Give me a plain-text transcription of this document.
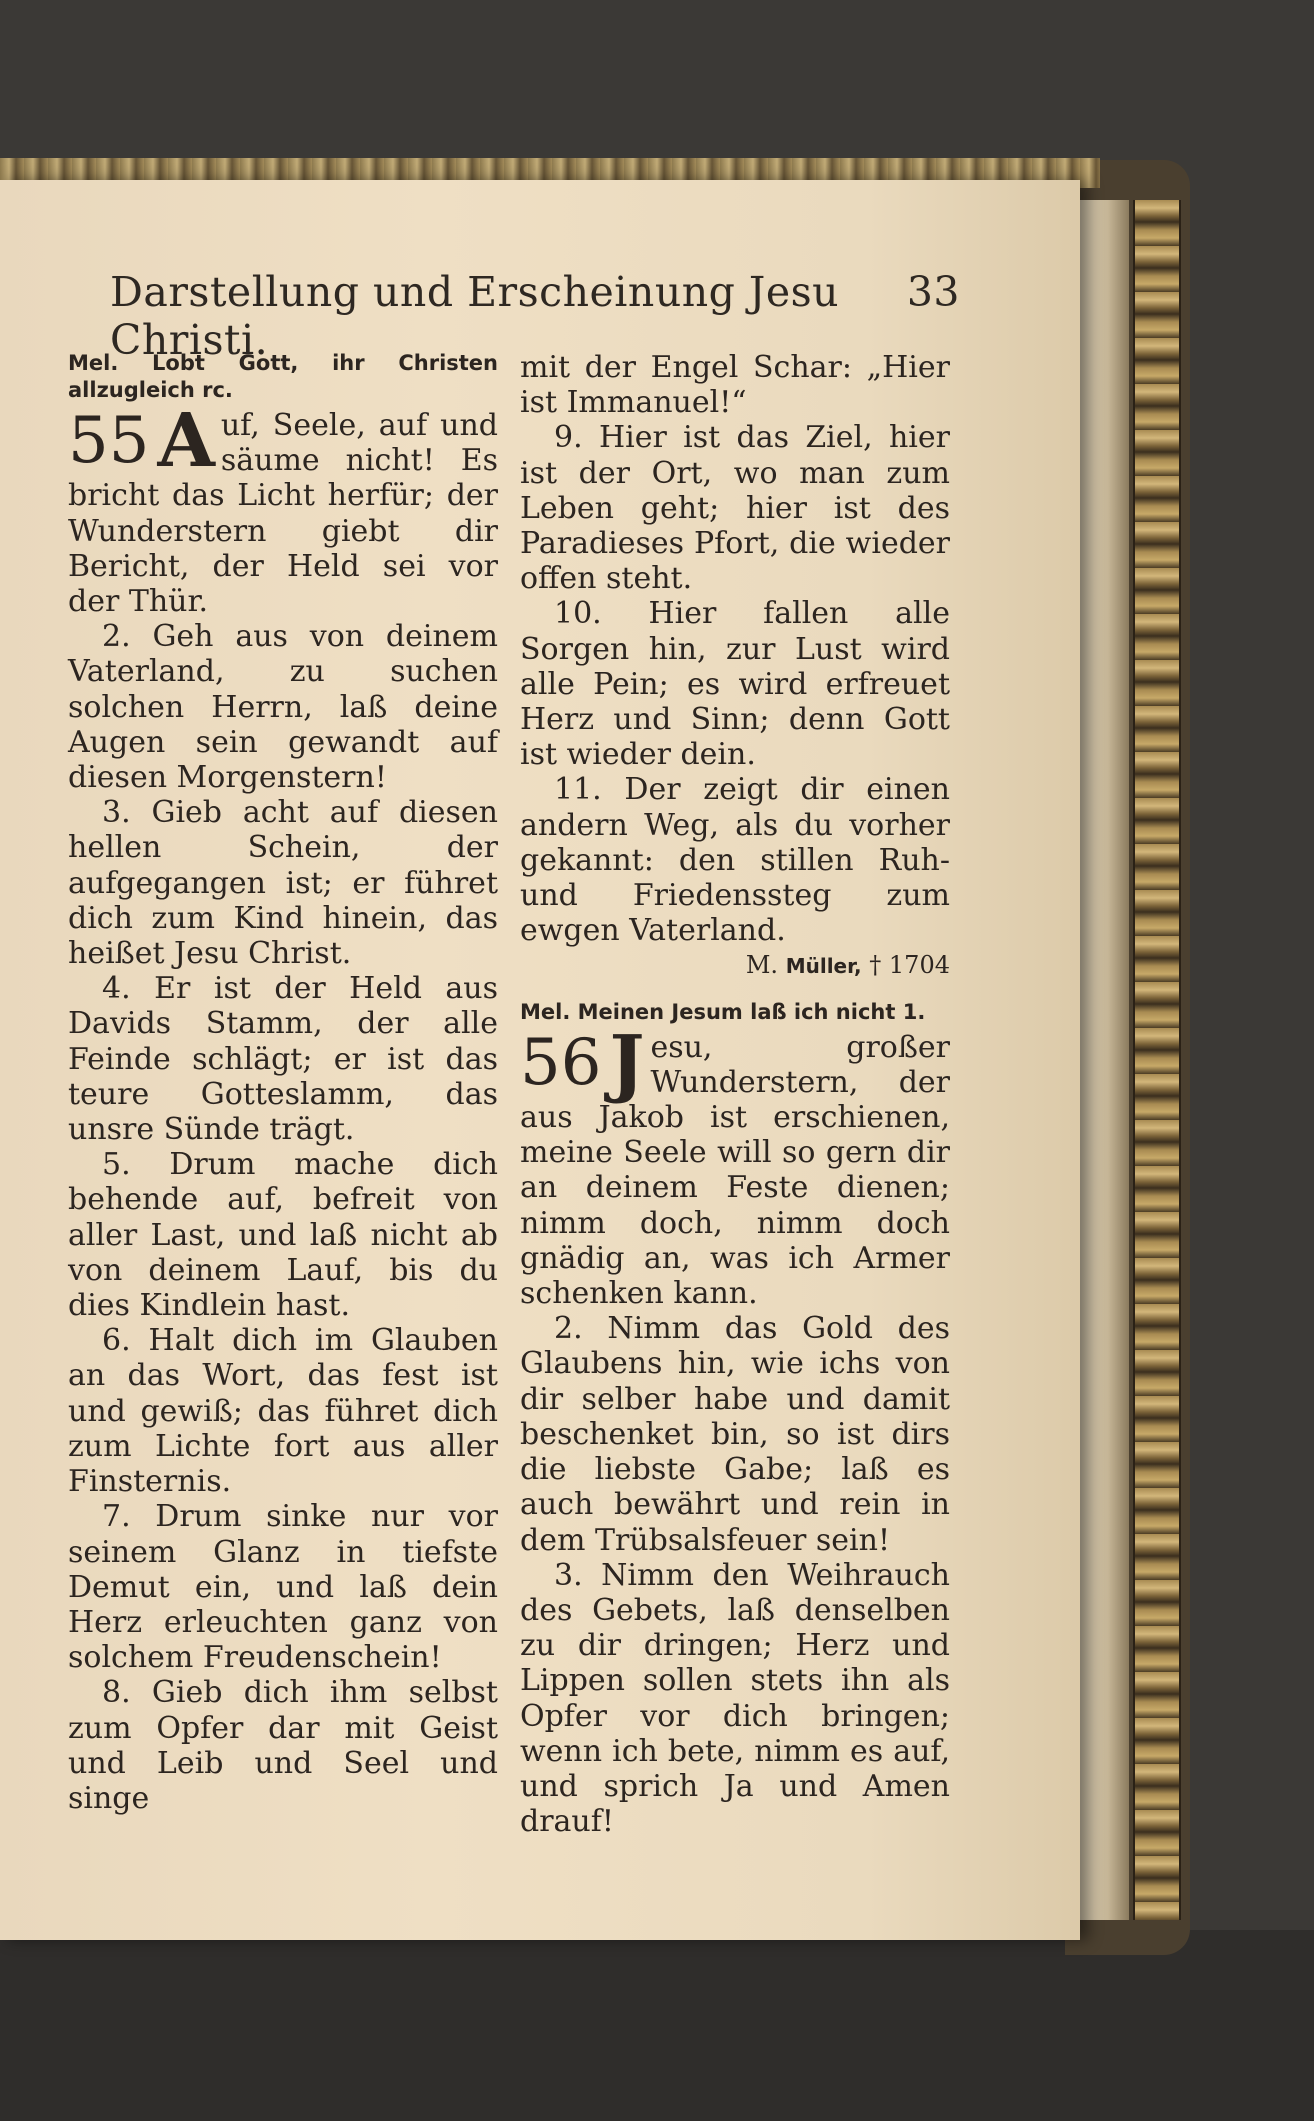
Darstellung und Erscheinung Jesu Christi.
33
Mel. Lobt Gott, ihr Christen allzugleich rc.
55 A uf, Seele, auf und säume nicht! Es bricht das Licht herfür; der Wunderstern giebt dir Bericht, der Held sei vor der Thür.

2. Geh aus von deinem Vaterland, zu suchen solchen Herrn, laß deine Augen sein gewandt auf diesen Morgenstern!

3. Gieb acht auf diesen hellen Schein, der aufgegangen ist; er führet dich zum Kind hinein, das heißet Jesu Christ.

4. Er ist der Held aus Davids Stamm, der alle Feinde schlägt; er ist das teure Gotteslamm, das unsre Sünde trägt.

5. Drum mache dich behende auf, befreit von aller Last, und laß nicht ab von deinem Lauf, bis du dies Kindlein hast.

6. Halt dich im Glauben an das Wort, das fest ist und gewiß; das führet dich zum Lichte fort aus aller Finsternis.

7. Drum sinke nur vor seinem Glanz in tiefste Demut ein, und laß dein Herz erleuchten ganz von solchem Freudenschein!

8. Gieb dich ihm selbst zum Opfer dar mit Geist und Leib und Seel und singe

mit der Engel Schar: „Hier ist Immanuel!“

9. Hier ist das Ziel, hier ist der Ort, wo man zum Leben geht; hier ist des Paradieses Pfort, die wieder offen steht.

10. Hier fallen alle Sorgen hin, zur Lust wird alle Pein; es wird erfreuet Herz und Sinn; denn Gott ist wieder dein.

11. Der zeigt dir einen andern Weg, als du vorher gekannt: den stillen Ruh- und Friedenssteg zum ewgen Vaterland.

M. Müller, † 1704

Mel. Meinen Jesum laß ich nicht 1.
56 J esu, großer Wunderstern, der aus Jakob ist erschienen, meine Seele will so gern dir an deinem Feste dienen; nimm doch, nimm doch gnädig an, was ich Armer schenken kann.

2. Nimm das Gold des Glaubens hin, wie ichs von dir selber habe und damit beschenket bin, so ist dirs die liebste Gabe; laß es auch bewährt und rein in dem Trübsalsfeuer sein!

3. Nimm den Weihrauch des Gebets, laß denselben zu dir dringen; Herz und Lippen sollen stets ihn als Opfer vor dich bringen; wenn ich bete, nimm es auf, und sprich Ja und Amen drauf!
